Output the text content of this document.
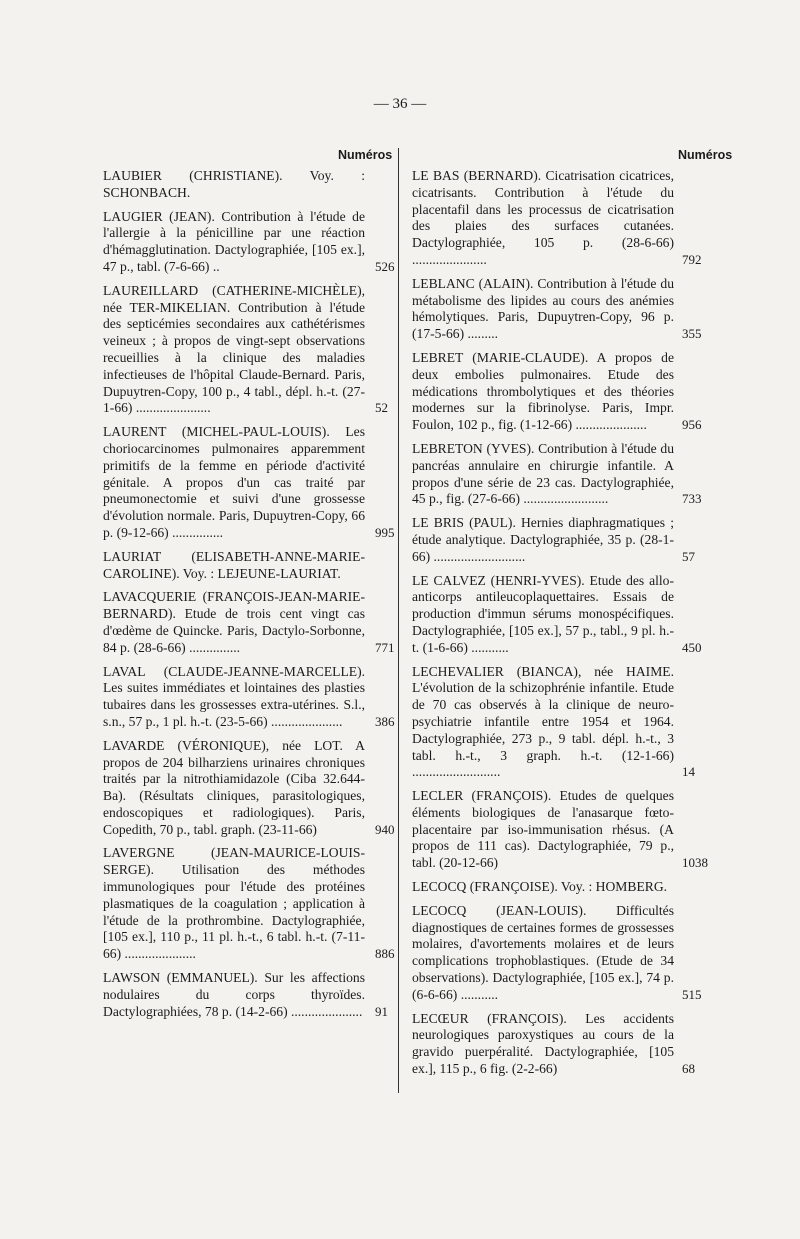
— 36 —
Numéros	Numéros
LAUBIER (CHRISTIANE). Voy. : SCHONBACH.
LAUGIER (JEAN). Contribution à l'étude de l'allergie à la pénicilline par une réaction d'hémagglutination. Dactylographiée, [105 ex.], 47 p., tabl. (7-6-66) ..	526
LAUREILLARD (CATHERINE-MICHÈLE), née TER-MIKELIAN. Contribution à l'étude des septicémies secondaires aux cathétérismes veineux ; à propos de vingt-sept observations recueillies à la clinique des maladies infectieuses de l'hôpital Claude-Bernard. Paris, Dupuytren-Copy, 100 p., 4 tabl., dépl. h.-t. (27-1-66) ......................	52
LAURENT (MICHEL-PAUL-LOUIS). Les choriocarcinomes pulmonaires apparemment primitifs de la femme en période d'activité génitale. A propos d'un cas traité par pneumonectomie et suivi d'une grossesse d'évolution normale. Paris, Dupuytren-Copy, 66 p. (9-12-66) ...............	995
LAURIAT (ELISABETH-ANNE-MARIE-CAROLINE). Voy. : LEJEUNE-LAURIAT.
LAVACQUERIE (FRANÇOIS-JEAN-MARIE-BERNARD). Etude de trois cent vingt cas d'œdème de Quincke. Paris, Dactylo-Sorbonne, 84 p. (28-6-66) ...............	771
LAVAL (CLAUDE-JEANNE-MARCELLE). Les suites immédiates et lointaines des plasties tubaires dans les grossesses extra-utérines. S.l., s.n., 57 p., 1 pl. h.-t. (23-5-66) .....................	386
LAVARDE (VÉRONIQUE), née LOT. A propos de 204 bilharziens urinaires chroniques traités par la nitrothiamidazole (Ciba 32.644-Ba). (Résultats cliniques, parasitologiques, endoscopiques et radiologiques). Paris, Copedith, 70 p., tabl. graph. (23-11-66)	940
LAVERGNE (JEAN-MAURICE-LOUIS-SERGE). Utilisation des méthodes immunologiques pour l'étude des protéines plasmatiques de la coagulation ; application à l'étude de la prothrombine. Dactylographiée, [105 ex.], 110 p., 11 pl. h.-t., 6 tabl. h.-t. (7-11-66) .....................	886
LAWSON (EMMANUEL). Sur les affections nodulaires du corps thyroïdes. Dactylographiées, 78 p. (14-2-66) ..................... 91
LE BAS (BERNARD). Cicatrisation cicatrices, cicatrisants. Contribution à l'étude du placentafil dans les processus de cicatrisation des plaies des surfaces cutanées. Dactylographiée, 105 p. (28-6-66) ......................	792
LEBLANC (ALAIN). Contribution à l'étude du métabolisme des lipides au cours des anémies hémolytiques. Paris, Dupuytren-Copy, 96 p. (17-5-66) .........	355
LEBRET (MARIE-CLAUDE). A propos de deux embolies pulmonaires. Etude des médications thrombolytiques et des théories modernes sur la fibrinolyse. Paris, Impr. Foulon, 102 p., fig. (1-12-66) .....................	956
LEBRETON (YVES). Contribution à l'étude du pancréas annulaire en chirurgie infantile. A propos d'une série de 23 cas. Dactylographiée, 45 p., fig. (27-6-66) .........................	733
LE BRIS (PAUL). Hernies diaphragmatiques ; étude analytique. Dactylographiée, 35 p. (28-1-66) ...........................	57
LE CALVEZ (HENRI-YVES). Etude des allo-anticorps antileucoplaquettaires. Essais de production d'immun sérums monospécifiques. Dactylographiée, [105 ex.], 57 p., tabl., 9 pl. h.-t. (1-6-66) ...........	450
LECHEVALIER (BIANCA), née HAIME. L'évolution de la schizophrénie infantile. Etude de 70 cas observés à la clinique de neuro-psychiatrie infantile entre 1954 et 1964. Dactylographiée, 273 p., 9 tabl. dépl. h.-t., 3 tabl. h.-t., 3 graph. h.-t. (12-1-66) ..........................	14
LECLER (FRANÇOIS). Etudes de quelques éléments biologiques de l'anasarque fœto-placentaire par iso-immunisation rhésus. (A propos de 111 cas). Dactylographiée, 79 p., tabl. (20-12-66)	1038
LECOCQ (FRANÇOISE). Voy. : HOMBERG.
LECOCQ (JEAN-LOUIS). Difficultés diagnostiques de certaines formes de grossesses molaires, d'avortements molaires et de leurs complications trophoblastiques. (Etude de 34 observations). Dactylographiée, [105 ex.], 74 p. (6-6-66) ...........	515
LECŒUR (FRANÇOIS). Les accidents neurologiques paroxystiques au cours de la gravido puerpéralité. Dactylographiée, [105 ex.], 115 p., 6 fig. (2-2-66)	68
